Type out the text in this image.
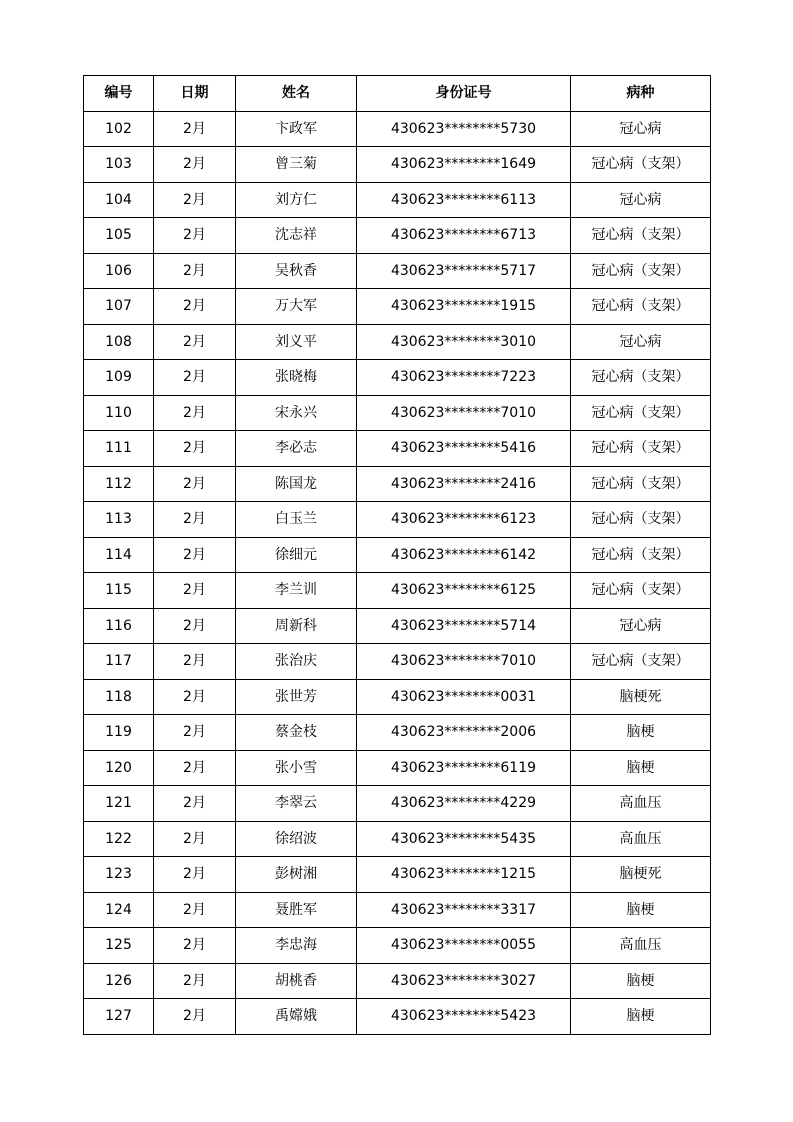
编号	日期	姓名	身份证号	病种
102	2月	卞政军	430623********5730	冠心病
103	2月	曾三菊	430623********1649	冠心病（支架）
104	2月	刘方仁	430623********6113	冠心病
105	2月	沈志祥	430623********6713	冠心病（支架）
106	2月	吴秋香	430623********5717	冠心病（支架）
107	2月	万大军	430623********1915	冠心病（支架）
108	2月	刘义平	430623********3010	冠心病
109	2月	张晓梅	430623********7223	冠心病（支架）
110	2月	宋永兴	430623********7010	冠心病（支架）
111	2月	李必志	430623********5416	冠心病（支架）
112	2月	陈国龙	430623********2416	冠心病（支架）
113	2月	白玉兰	430623********6123	冠心病（支架）
114	2月	徐细元	430623********6142	冠心病（支架）
115	2月	李兰训	430623********6125	冠心病（支架）
116	2月	周新科	430623********5714	冠心病
117	2月	张治庆	430623********7010	冠心病（支架）
118	2月	张世芳	430623********0031	脑梗死
119	2月	蔡金枝	430623********2006	脑梗
120	2月	张小雪	430623********6119	脑梗
121	2月	李翠云	430623********4229	高血压
122	2月	徐绍波	430623********5435	高血压
123	2月	彭树湘	430623********1215	脑梗死
124	2月	聂胜军	430623********3317	脑梗
125	2月	李忠海	430623********0055	高血压
126	2月	胡桃香	430623********3027	脑梗
127	2月	禹嫦娥	430623********5423	脑梗
